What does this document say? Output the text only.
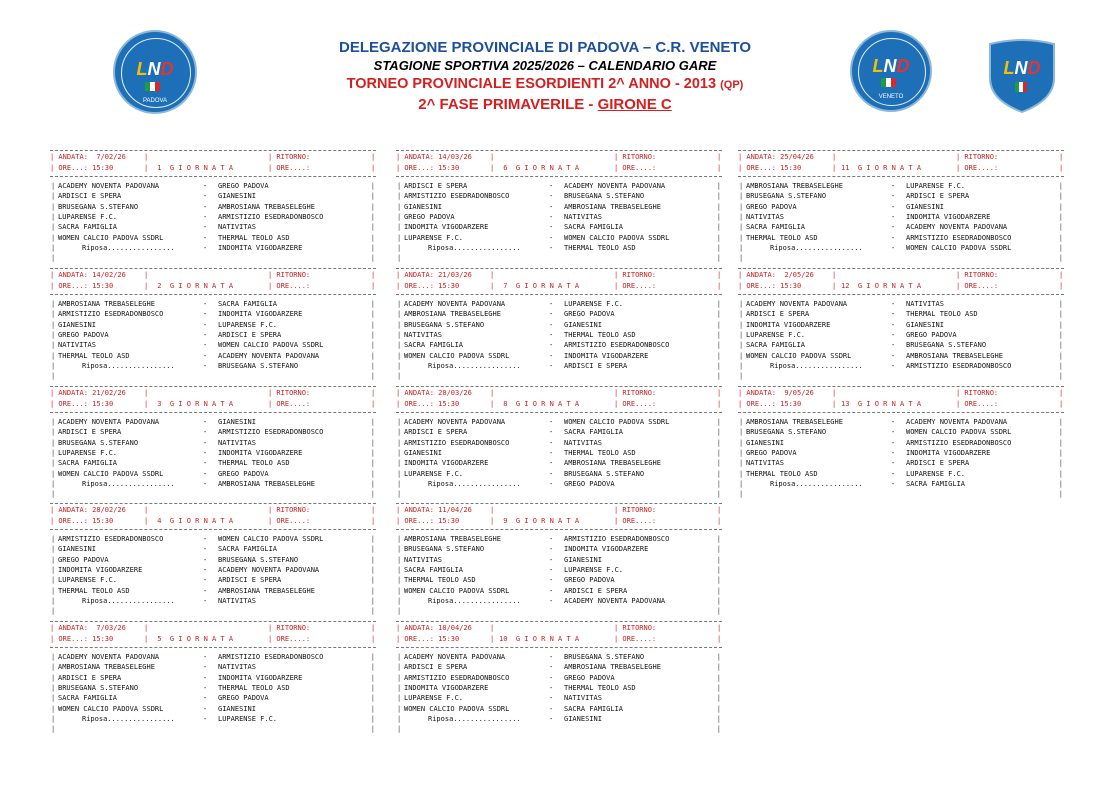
DELEGAZIONE PROVINCIALE DI PADOVA – C.R. VENETO
STAGIONE SPORTIVA 2025/2026 – CALENDARIO GARE
TORNEO PROVINCIALE ESORDIENTI 2^ ANNO - 2013 (QP)
2^ FASE PRIMAVERILE - GIRONE C
LND
PADOVA
LND
VENETO
LND
| ANDATA:  7/02/26	| RITORNO:	|
|
| ORE...: 15:30	| 1  G I O R N A T A	| ORE....:	|
| ACADEMY NOVENTA PADOVANA	- GREGO PADOVA	|
| ARDISCI E SPERA	- GIANESINI	|
| BRUSEGANA S.STEFANO	- AMBROSIANA TREBASELEGHE	|
| LUPARENSE F.C.	- ARMISTIZIO ESEDRADONBOSCO	|
| SACRA FAMIGLIA	- NATIVITAS	|
| WOMEN CALCIO PADOVA SSDRL	- THERMAL TEOLO ASD	|
|	Riposa................	- INDOMITA VIGODARZERE	|
|	|
| ANDATA: 14/02/26	| RITORNO:	|
|
| ORE...: 15:30	| 2  G I O R N A T A	| ORE....:	|
| AMBROSIANA TREBASELEGHE	- SACRA FAMIGLIA	|
| ARMISTIZIO ESEDRADONBOSCO	- INDOMITA VIGODARZERE	|
| GIANESINI	- LUPARENSE F.C.	|
| GREGO PADOVA	- ARDISCI E SPERA	|
| NATIVITAS	- WOMEN CALCIO PADOVA SSDRL	|
| THERMAL TEOLO ASD	- ACADEMY NOVENTA PADOVANA	|
|	Riposa................	- BRUSEGANA S.STEFANO	|
|	|
| ANDATA: 21/02/26	| RITORNO:	|
|
| ORE...: 15:30	| 3  G I O R N A T A	| ORE....:	|
| ACADEMY NOVENTA PADOVANA	- GIANESINI	|
| ARDISCI E SPERA	- ARMISTIZIO ESEDRADONBOSCO	|
| BRUSEGANA S.STEFANO	- NATIVITAS	|
| LUPARENSE F.C.	- INDOMITA VIGODARZERE	|
| SACRA FAMIGLIA	- THERMAL TEOLO ASD	|
| WOMEN CALCIO PADOVA SSDRL	- GREGO PADOVA	|
|	Riposa................	- AMBROSIANA TREBASELEGHE	|
|	|
| ANDATA: 28/02/26	| RITORNO:	|
|
| ORE...: 15:30	| 4  G I O R N A T A	| ORE....:	|
| ARMISTIZIO ESEDRADONBOSCO	- WOMEN CALCIO PADOVA SSDRL	|
| GIANESINI	- SACRA FAMIGLIA	|
| GREGO PADOVA	- BRUSEGANA S.STEFANO	|
| INDOMITA VIGODARZERE	- ACADEMY NOVENTA PADOVANA	|
| LUPARENSE F.C.	- ARDISCI E SPERA	|
| THERMAL TEOLO ASD	- AMBROSIANA TREBASELEGHE	|
|	Riposa................	- NATIVITAS	|
|	|
| ANDATA:  7/03/26	| RITORNO:	|
|
| ORE...: 15:30	| 5  G I O R N A T A	| ORE....:	|
| ACADEMY NOVENTA PADOVANA	- ARMISTIZIO ESEDRADONBOSCO	|
| AMBROSIANA TREBASELEGHE	- NATIVITAS	|
| ARDISCI E SPERA	- INDOMITA VIGODARZERE	|
| BRUSEGANA S.STEFANO	- THERMAL TEOLO ASD	|
| SACRA FAMIGLIA	- GREGO PADOVA	|
| WOMEN CALCIO PADOVA SSDRL	- GIANESINI	|
|	Riposa................	- LUPARENSE F.C.	|
|	|
| ANDATA: 14/03/26	| RITORNO:	|
|
| ORE...: 15:30	| 6  G I O R N A T A	| ORE....:	|
| ARDISCI E SPERA	- ACADEMY NOVENTA PADOVANA	|
| ARMISTIZIO ESEDRADONBOSCO	- BRUSEGANA S.STEFANO	|
| GIANESINI	- AMBROSIANA TREBASELEGHE	|
| GREGO PADOVA	- NATIVITAS	|
| INDOMITA VIGODARZERE	- SACRA FAMIGLIA	|
| LUPARENSE F.C.	- WOMEN CALCIO PADOVA SSDRL	|
|	Riposa................	- THERMAL TEOLO ASD	|
|	|
| ANDATA: 21/03/26	| RITORNO:	|
|
| ORE...: 15:30	| 7  G I O R N A T A	| ORE....:	|
| ACADEMY NOVENTA PADOVANA	- LUPARENSE F.C.	|
| AMBROSIANA TREBASELEGHE	- GREGO PADOVA	|
| BRUSEGANA S.STEFANO	- GIANESINI	|
| NATIVITAS	- THERMAL TEOLO ASD	|
| SACRA FAMIGLIA	- ARMISTIZIO ESEDRADONBOSCO	|
| WOMEN CALCIO PADOVA SSDRL	- INDOMITA VIGODARZERE	|
|	Riposa................	- ARDISCI E SPERA	|
|	|
| ANDATA: 28/03/26	| RITORNO:	|
|
| ORE...: 15:30	| 8  G I O R N A T A	| ORE....:	|
| ACADEMY NOVENTA PADOVANA	- WOMEN CALCIO PADOVA SSDRL	|
| ARDISCI E SPERA	- SACRA FAMIGLIA	|
| ARMISTIZIO ESEDRADONBOSCO	- NATIVITAS	|
| GIANESINI	- THERMAL TEOLO ASD	|
| INDOMITA VIGODARZERE	- AMBROSIANA TREBASELEGHE	|
| LUPARENSE F.C.	- BRUSEGANA S.STEFANO	|
|	Riposa................	- GREGO PADOVA	|
|	|
| ANDATA: 11/04/26	| RITORNO:	|
|
| ORE...: 15:30	| 9  G I O R N A T A	| ORE....:	|
| AMBROSIANA TREBASELEGHE	- ARMISTIZIO ESEDRADONBOSCO	|
| BRUSEGANA S.STEFANO	- INDOMITA VIGODARZERE	|
| NATIVITAS	- GIANESINI	|
| SACRA FAMIGLIA	- LUPARENSE F.C.	|
| THERMAL TEOLO ASD	- GREGO PADOVA	|
| WOMEN CALCIO PADOVA SSDRL	- ARDISCI E SPERA	|
|	Riposa................	- ACADEMY NOVENTA PADOVANA	|
|	|
| ANDATA: 18/04/26	| RITORNO:	|
|
| ORE...: 15:30	| 10  G I O R N A T A	| ORE....:	|
| ACADEMY NOVENTA PADOVANA	- BRUSEGANA S.STEFANO	|
| ARDISCI E SPERA	- AMBROSIANA TREBASELEGHE	|
| ARMISTIZIO ESEDRADONBOSCO	- GREGO PADOVA	|
| INDOMITA VIGODARZERE	- THERMAL TEOLO ASD	|
| LUPARENSE F.C.	- NATIVITAS	|
| WOMEN CALCIO PADOVA SSDRL	- SACRA FAMIGLIA	|
|	Riposa................	- GIANESINI	|
|	|
| ANDATA: 25/04/26	| RITORNO:	|
|
| ORE...: 15:30	| 11  G I O R N A T A	| ORE....:	|
| AMBROSIANA TREBASELEGHE	- LUPARENSE F.C.	|
| BRUSEGANA S.STEFANO	- ARDISCI E SPERA	|
| GREGO PADOVA	- GIANESINI	|
| NATIVITAS	- INDOMITA VIGODARZERE	|
| SACRA FAMIGLIA	- ACADEMY NOVENTA PADOVANA	|
| THERMAL TEOLO ASD	- ARMISTIZIO ESEDRADONBOSCO	|
|	Riposa................	- WOMEN CALCIO PADOVA SSDRL	|
|	|
| ANDATA:  2/05/26	| RITORNO:	|
|
| ORE...: 15:30	| 12  G I O R N A T A	| ORE....:	|
| ACADEMY NOVENTA PADOVANA	- NATIVITAS	|
| ARDISCI E SPERA	- THERMAL TEOLO ASD	|
| INDOMITA VIGODARZERE	- GIANESINI	|
| LUPARENSE F.C.	- GREGO PADOVA	|
| SACRA FAMIGLIA	- BRUSEGANA S.STEFANO	|
| WOMEN CALCIO PADOVA SSDRL	- AMBROSIANA TREBASELEGHE	|
|	Riposa................	- ARMISTIZIO ESEDRADONBOSCO	|
|	|
| ANDATA:  9/05/26	| RITORNO:	|
|
| ORE...: 15:30	| 13  G I O R N A T A	| ORE....:	|
| AMBROSIANA TREBASELEGHE	- ACADEMY NOVENTA PADOVANA	|
| BRUSEGANA S.STEFANO	- WOMEN CALCIO PADOVA SSDRL	|
| GIANESINI	- ARMISTIZIO ESEDRADONBOSCO	|
| GREGO PADOVA	- INDOMITA VIGODARZERE	|
| NATIVITAS	- ARDISCI E SPERA	|
| THERMAL TEOLO ASD	- LUPARENSE F.C.	|
|	Riposa................	- SACRA FAMIGLIA	|
|	|
